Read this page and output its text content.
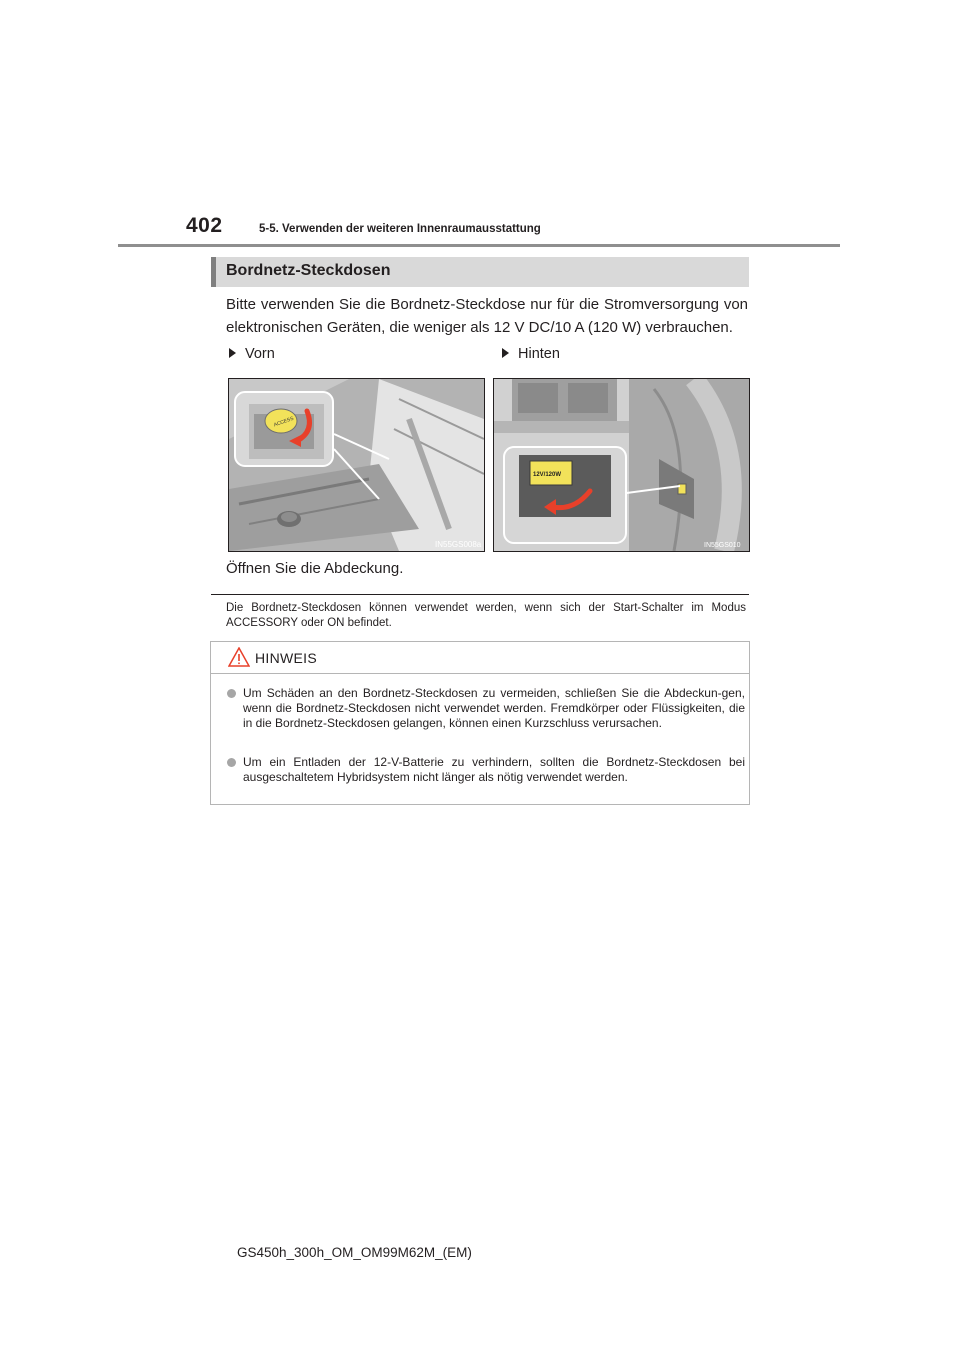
402	5-5. Verwenden der weiteren Innenraumausstattung
Bordnetz-Steckdosen
Bitte verwenden Sie die Bordnetz-Steckdose nur für die Stromversorgung von elektronischen Geräten, die weniger als 12 V DC/10 A (120 W) verbrauchen.
Vorn	Hinten
ACCESS
IN55GS008a
12V/120W
IN55GS010
Öffnen Sie die Abdeckung.
Die Bordnetz-Steckdosen können verwendet werden, wenn sich der Start-Schalter im Modus ACCESSORY oder ON befindet.
HINWEIS
Um Schäden an den Bordnetz-Steckdosen zu vermeiden, schließen Sie die Abdeckun-gen, wenn die Bordnetz-Steckdosen nicht verwendet werden. Fremdkörper oder Flüssigkeiten, die in die Bordnetz-Steckdosen gelangen, können einen Kurzschluss verursachen.
Um ein Entladen der 12-V-Batterie zu verhindern, sollten die Bordnetz-Steckdosen bei ausgeschaltetem Hybridsystem nicht länger als nötig verwendet werden.
GS450h_300h_OM_OM99M62M_(EM)
